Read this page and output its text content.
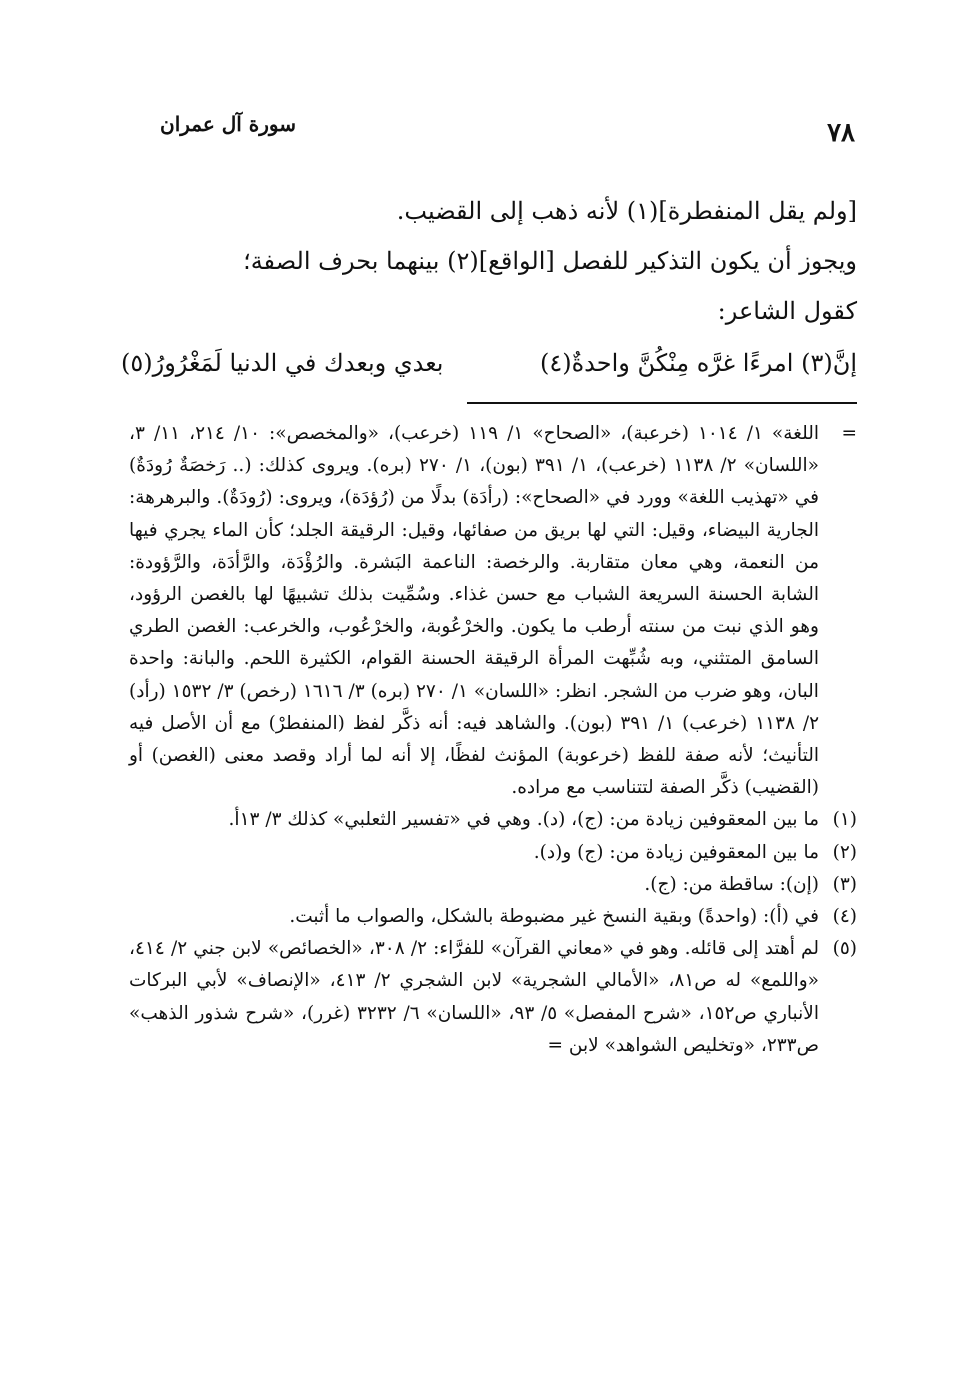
سورة آل عمران	٧٨

[ولم يقل المنفطرة](١) لأنه ذهب إلى القضيب.

ويجوز أن يكون التذكير للفصل [الواقع](٢) بينهما بحرف الصفة؛

كقول الشاعر:

إنَّ(٣) امرءًا غرَّه مِنْكُنَّ واحدةٌ(٤)
بعدي وبعدك في الدنيا لَمَغْرُورُ(٥)
=
اللغة» ١/ ١٠١٤ (خرعبة)، «الصحاح» ١/ ١١٩ (خرعب)، «والمخصص»: ١٠/ ٢١٤، ١١/ ٣، «اللسان» ٢/ ١١٣٨ (خرعب)، ١/ ٣٩١ (بون)، ١/ ٢٧٠ (بره). ويروى كذلك: (.. رَخصَةٌ رُودَةٌ) في «تهذيب اللغة» وورد في «الصحاح»: (رأدَة) بدلًا من (رُؤدَة)، ويروى: (رُودَةٌ). والبرهرهة: الجارية البيضاء، وقيل: التي لها بريق من صفائها، وقيل: الرقيقة الجلد؛ كأن الماء يجري فيها من النعمة، وهي معان متقاربة. والرخصة: الناعمة البَشرة. والرُؤْدَة، والرَّأدَة، والرَّؤودة: الشابة الحسنة السريعة الشباب مع حسن غذاء. وسُمِّيت بذلك تشبيهًا لها بالغصن الرؤود، وهو الذي نبت من سنته أرطب ما يكون. والخرْعُوبة، والخرْعُوب، والخرعب: الغصن الطري السامق المتثني، وبه شُبِّهت المرأة الرقيقة الحسنة القوام، الكثيرة اللحم. والبانة: واحدة البان، وهو ضرب من الشجر. انظر: «اللسان» ١/ ٢٧٠ (بره) ٣/ ١٦١٦ (رخص) ٣/ ١٥٣٢ (رأد) ٢/ ١١٣٨ (خرعب) ١/ ٣٩١ (بون). والشاهد فيه: أنه ذكَّر لفظ (المنفطرْ) مع أن الأصل فيه التأنيث؛ لأنه صفة للفظ (خرعوبة) المؤنث لفظًا، إلا أنه لما أراد وقصد معنى (الغصن) أو (القضيب) ذكَّر الصفة لتتناسب مع مراده.
(١)
ما بين المعقوفين زيادة من: (ج)، (د). وهي في «تفسير الثعلبي» كذلك ٣/ ١٣أ.
(٢)
ما بين المعقوفين زيادة من: (ج) و(د).
(٣)
(إن): ساقطة من: (ج).
(٤)
في (أ): (واحدةً) وبقية النسخ غير مضبوطة بالشكل، والصواب ما أثبت.
(٥)
لم أهتد إلى قائله. وهو في «معاني القرآن» للفرَّاء: ٢/ ٣٠٨، «الخصائص» لابن جني ٢/ ٤١٤، «واللمع» له ص٨١، «الأمالي الشجرية» لابن الشجري ٢/ ٤١٣، «الإنصاف» لأبي البركات الأنباري ص١٥٢، «شرح المفصل» ٥/ ٩٣، «اللسان» ٦/ ٣٢٣٢ (غرر)، «شرح شذور الذهب» ص٢٣٣، «وتخليص الشواهد» لابن =
